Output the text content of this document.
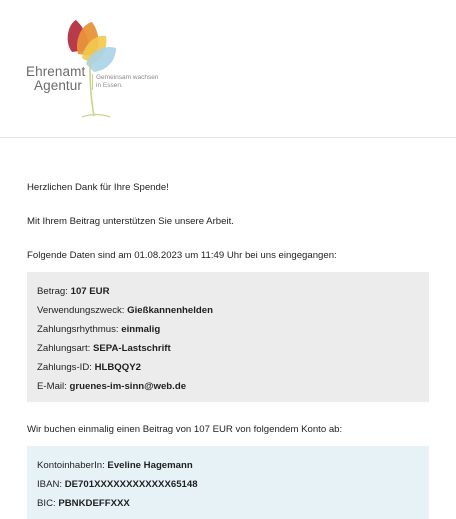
Ehrenamt
Agentur
Gemeinsam wachsen
in Essen.

Herzlichen Dank für Ihre Spende!

Mit Ihrem Beitrag unterstützen Sie unsere Arbeit.

Folgende Daten sind am 01.08.2023 um 11:49 Uhr bei uns eingegangen:

Betrag: 107 EUR
Verwendungszweck: Gießkannenhelden
Zahlungsrhythmus: einmalig
Zahlungsart: SEPA-Lastschrift
Zahlungs-ID: HLBQQY2
E-Mail: gruenes-im-sinn@web.de

Wir buchen einmalig einen Beitrag von 107 EUR von folgendem Konto ab:

KontoinhaberIn: Eveline Hagemann
IBAN: DE701XXXXXXXXXXXX65148
BIC: PBNKDEFFXXX
